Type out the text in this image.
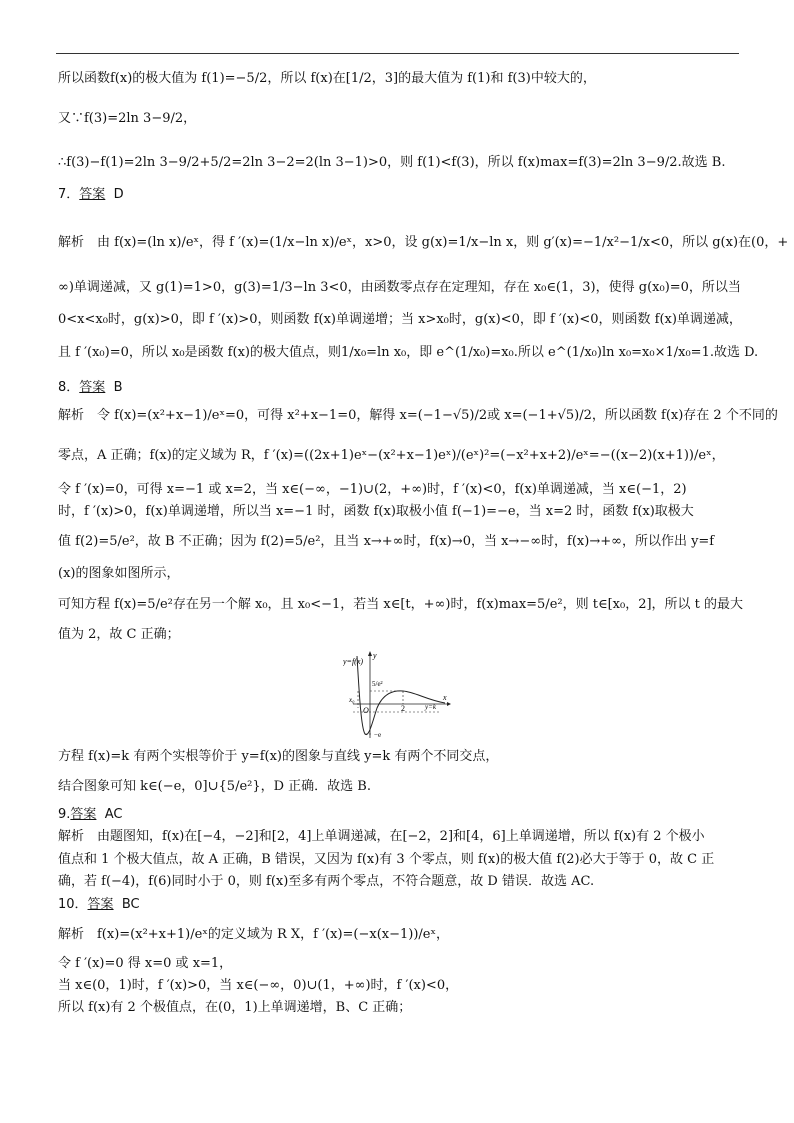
所以函数f(x)的极大值为 f(1)=−5/2，所以 f(x)在[1/2，3]的最大值为 f(1)和 f(3)中较大的，
又∵f(3)=2ln 3−9/2，
∴f(3)−f(1)=2ln 3−9/2+5/2=2ln 3−2=2(ln 3−1)>0，则 f(1)<f(3)，所以 f(x)max=f(3)=2ln 3−9/2.故选 B.
解析　由 f(x)=(ln x)/eˣ，得 f ′(x)=(1/x−ln x)/eˣ，x>0，设 g(x)=1/x−ln x，则 g′(x)=−1/x²−1/x<0，所以 g(x)在(0，+
∞)单调递减，又 g(1)=1>0，g(3)=1/3−ln 3<0，由函数零点存在定理知，存在 x₀∈(1，3)，使得 g(x₀)=0，所以当
0<x<x₀时，g(x)>0，即 f ′(x)>0，则函数 f(x)单调递增；当 x>x₀时，g(x)<0，即 f ′(x)<0，则函数 f(x)单调递减，
且 f ′(x₀)=0，所以 x₀是函数 f(x)的极大值点，则1/x₀=ln x₀，即 e^(1/x₀)=x₀.所以 e^(1/x₀)ln x₀=x₀×1/x₀=1.故选 D.
解析　令 f(x)=(x²+x−1)/eˣ=0，可得 x²+x−1=0，解得 x=(−1−√5)/2或 x=(−1+√5)/2，所以函数 f(x)存在 2 个不同的
零点，A 正确；f(x)的定义域为 R，f ′(x)=((2x+1)eˣ−(x²+x−1)eˣ)/(eˣ)²=(−x²+x+2)/eˣ=−((x−2)(x+1))/eˣ，
令 f ′(x)=0，可得 x=−1 或 x=2，当 x∈(−∞，−1)∪(2，+∞)时，f ′(x)<0，f(x)单调递减，当 x∈(−1，2)
时，f ′(x)>0，f(x)单调递增，所以当 x=−1 时，函数 f(x)取极小值 f(−1)=−e，当 x=2 时，函数 f(x)取极大
值 f(2)=5/e²，故 B 不正确；因为 f(2)=5/e²，且当 x→+∞时，f(x)→0，当 x→−∞时，f(x)→+∞，所以作出 y=f
(x)的图象如图所示，
可知方程 f(x)=5/e²存在另一个解 x₀，且 x₀<−1，若当 x∈[t，+∞)时，f(x)max=5/e²，则 t∈[x₀，2]，所以 t 的最大
值为 2，故 C 正确；
方程 f(x)=k 有两个实根等价于 y=f(x)的图象与直线 y=k 有两个不同交点，
结合图象可知 k∈(−e，0]∪{5/e²}，D 正确．故选 B.
解析　由题图知，f(x)在[−4，−2]和[2，4]上单调递减，在[−2，2]和[4，6]上单调递增，所以 f(x)有 2 个极小
值点和 1 个极大值点，故 A 正确，B 错误，又因为 f(x)有 3 个零点，则 f(x)的极大值 f(2)必大于等于 0，故 C 正
确，若 f(−4)，f(6)同时小于 0，则 f(x)至多有两个零点，不符合题意，故 D 错误．故选 AC.
解析　f(x)=(x²+x+1)/eˣ的定义域为 R X，f ′(x)=(−x(x−1))/eˣ，
令 f ′(x)=0 得 x=0 或 x=1，
当 x∈(0，1)时，f ′(x)>0，当 x∈(−∞，0)∪(1，+∞)时，f ′(x)<0，
所以 f(x)有 2 个极值点，在(0，1)上单调递增，B、C 正确；
7．答案 D
8．答案 B
9.答案 AC
10．答案 BC
y=f(x)
y
5/e²
O
x₀
2
x
y=k
−e
